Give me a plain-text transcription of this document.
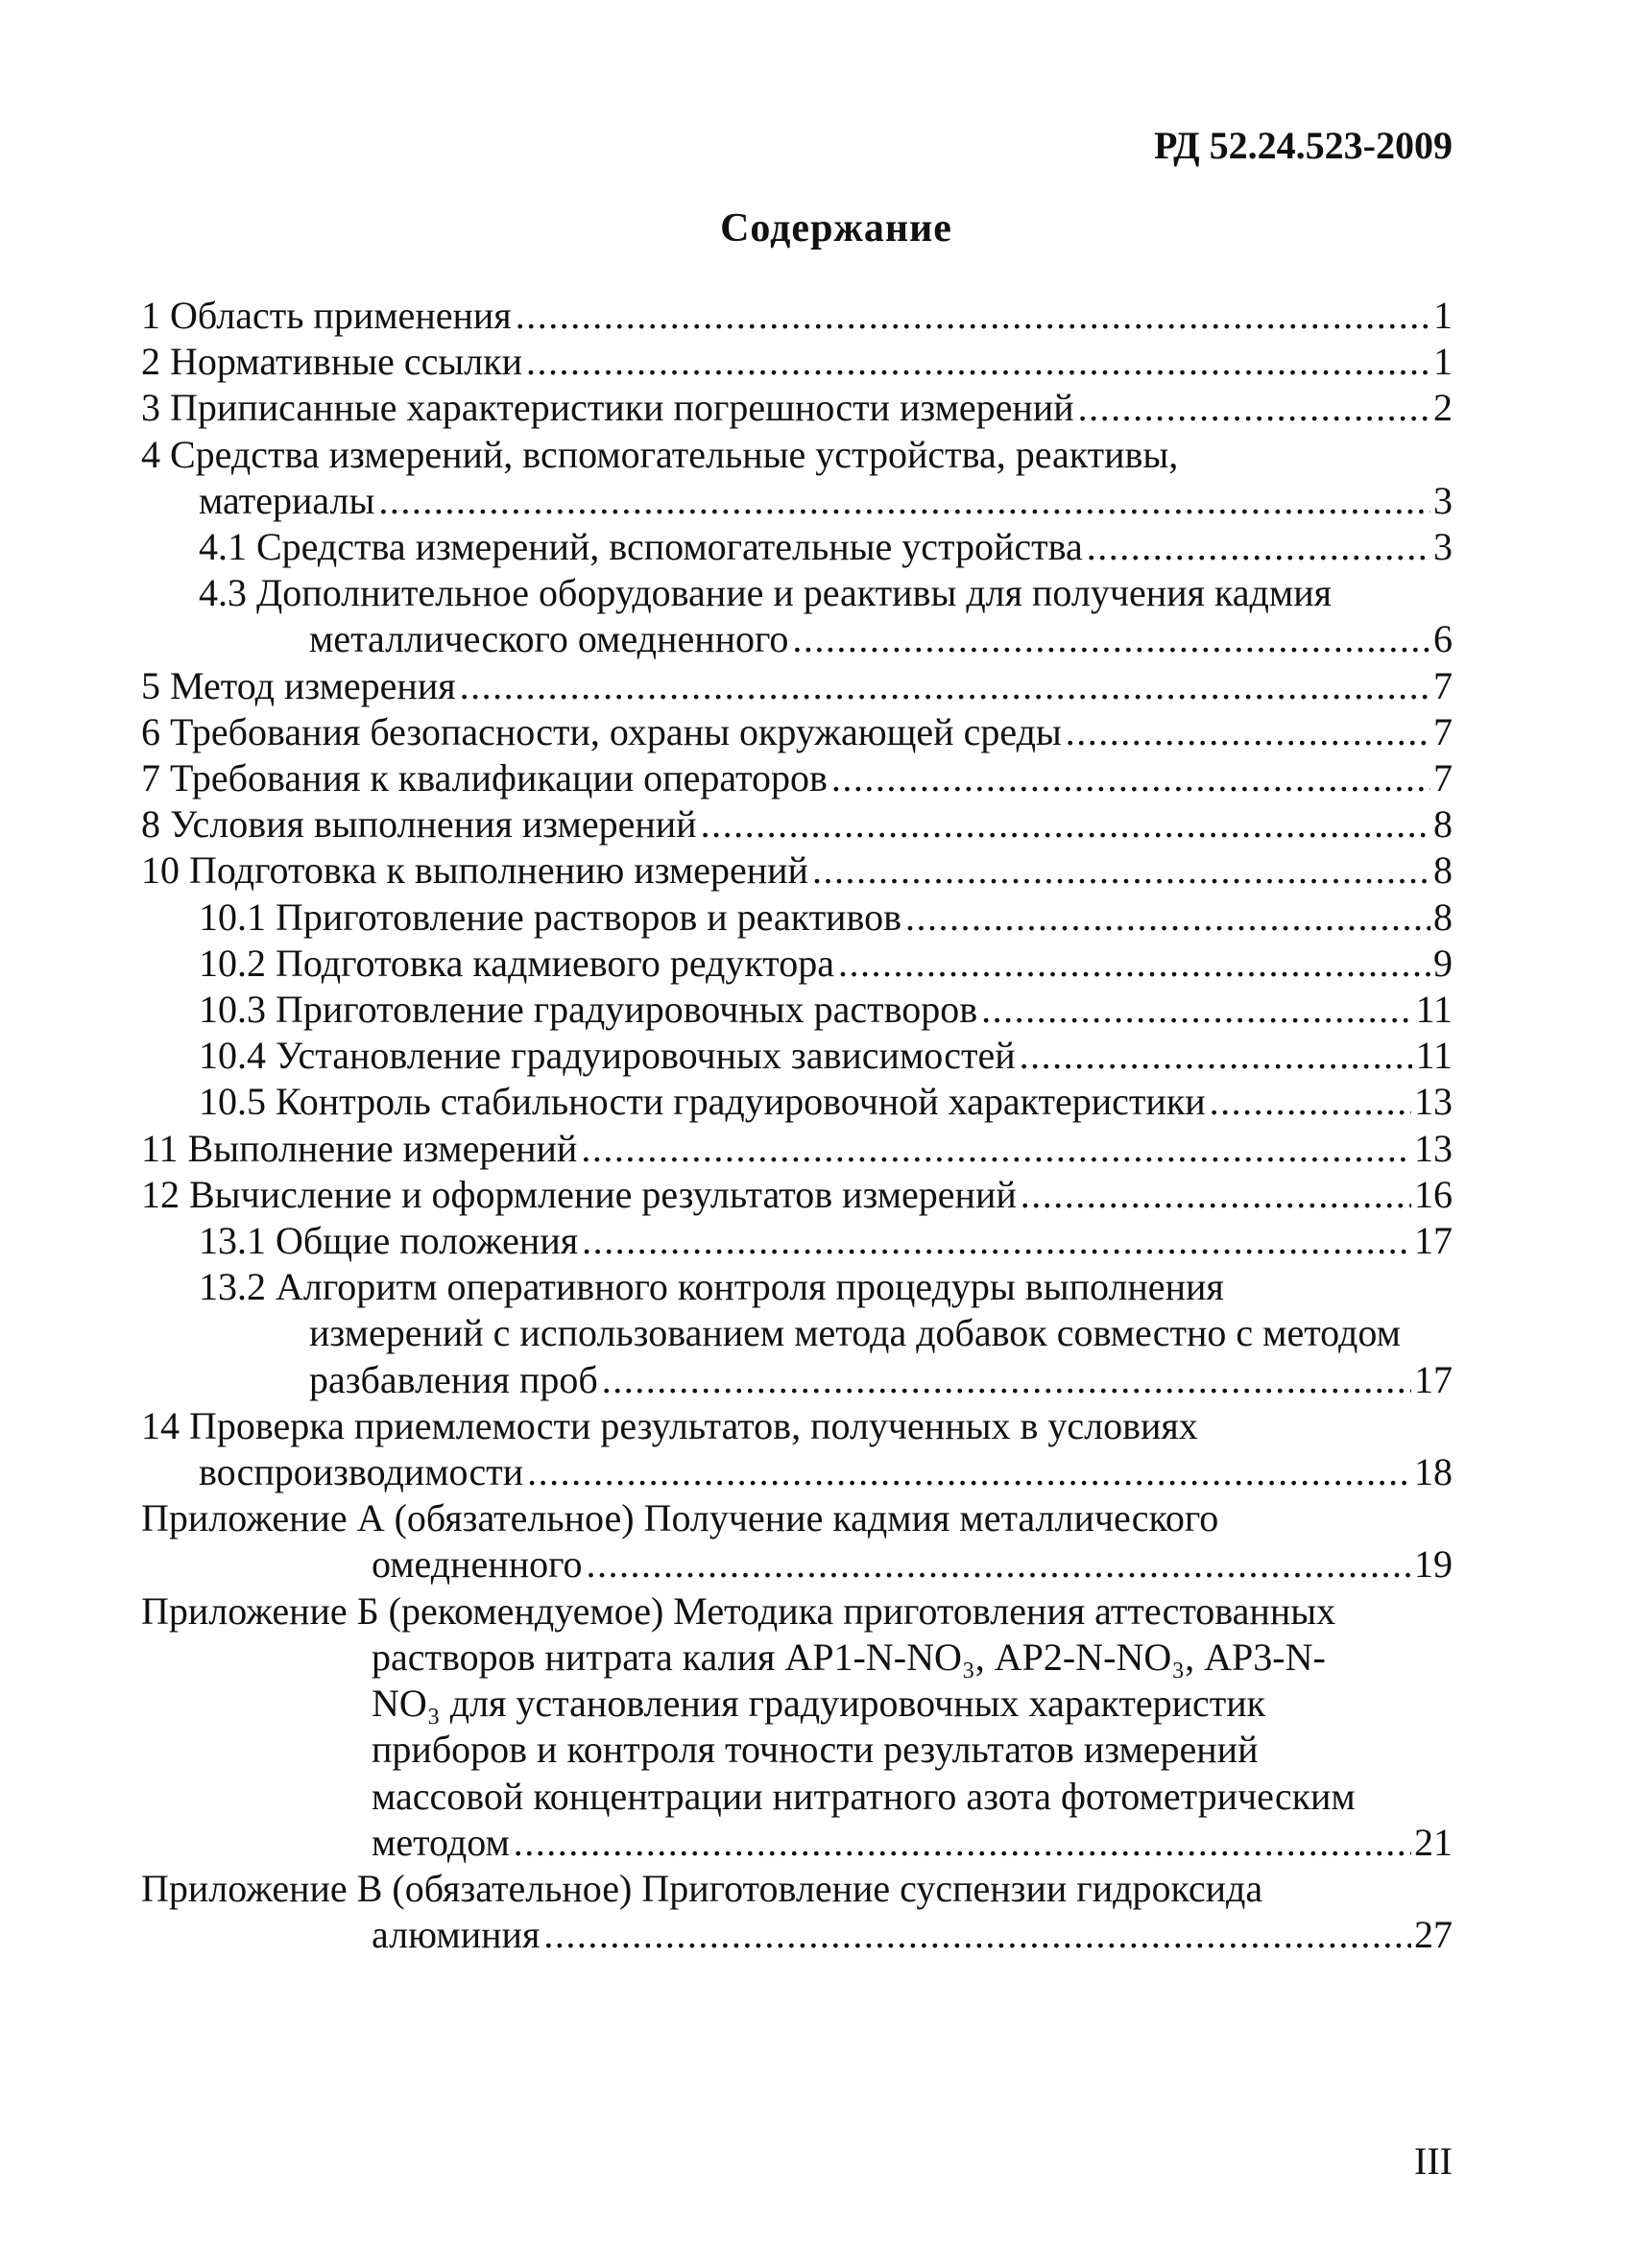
РД 52.24.523-2009
Содержание
1 Область применения .....	1
2 Нормативные ссылки .....	1
3 Приписанные характеристики погрешности измерений .....	2
4 Средства измерений, вспомогательные устройства, реактивы,
материалы .....	3
4.1 Средства измерений, вспомогательные устройства .....	3
4.3 Дополнительное оборудование и реактивы для получения кадмия
металлического омедненного .....	6
5 Метод измерения .....	7
6 Требования безопасности, охраны окружающей среды .....	7
7 Требования к квалификации операторов .....	7
8 Условия выполнения измерений .....	8
10 Подготовка к выполнению измерений .....	8
10.1 Приготовление растворов и реактивов .....	8
10.2 Подготовка кадмиевого редуктора .....	9
10.3 Приготовление градуировочных растворов .....	11
10.4 Установление градуировочных зависимостей .....	11
10.5 Контроль стабильности градуировочной характеристики .....	13
11 Выполнение измерений .....	13
12 Вычисление и оформление результатов измерений .....	16
13.1 Общие положения .....	17
13.2 Алгоритм оперативного контроля процедуры выполнения
измерений с использованием метода добавок совместно с методом
разбавления проб .....	17
14 Проверка приемлемости результатов, полученных в условиях
воспроизводимости .....	18
Приложение А (обязательное) Получение кадмия металлического
омедненного .....	19
Приложение Б (рекомендуемое) Методика приготовления аттестованных
растворов нитрата калия АР1-N-NO₃, АР2-N-NO₃, АР3-N-
NO₃ для установления градуировочных характеристик
приборов и контроля точности результатов измерений
массовой концентрации нитратного азота фотометрическим
методом .....	21
Приложение В (обязательное) Приготовление суспензии гидроксида
алюминия .....	27
III
